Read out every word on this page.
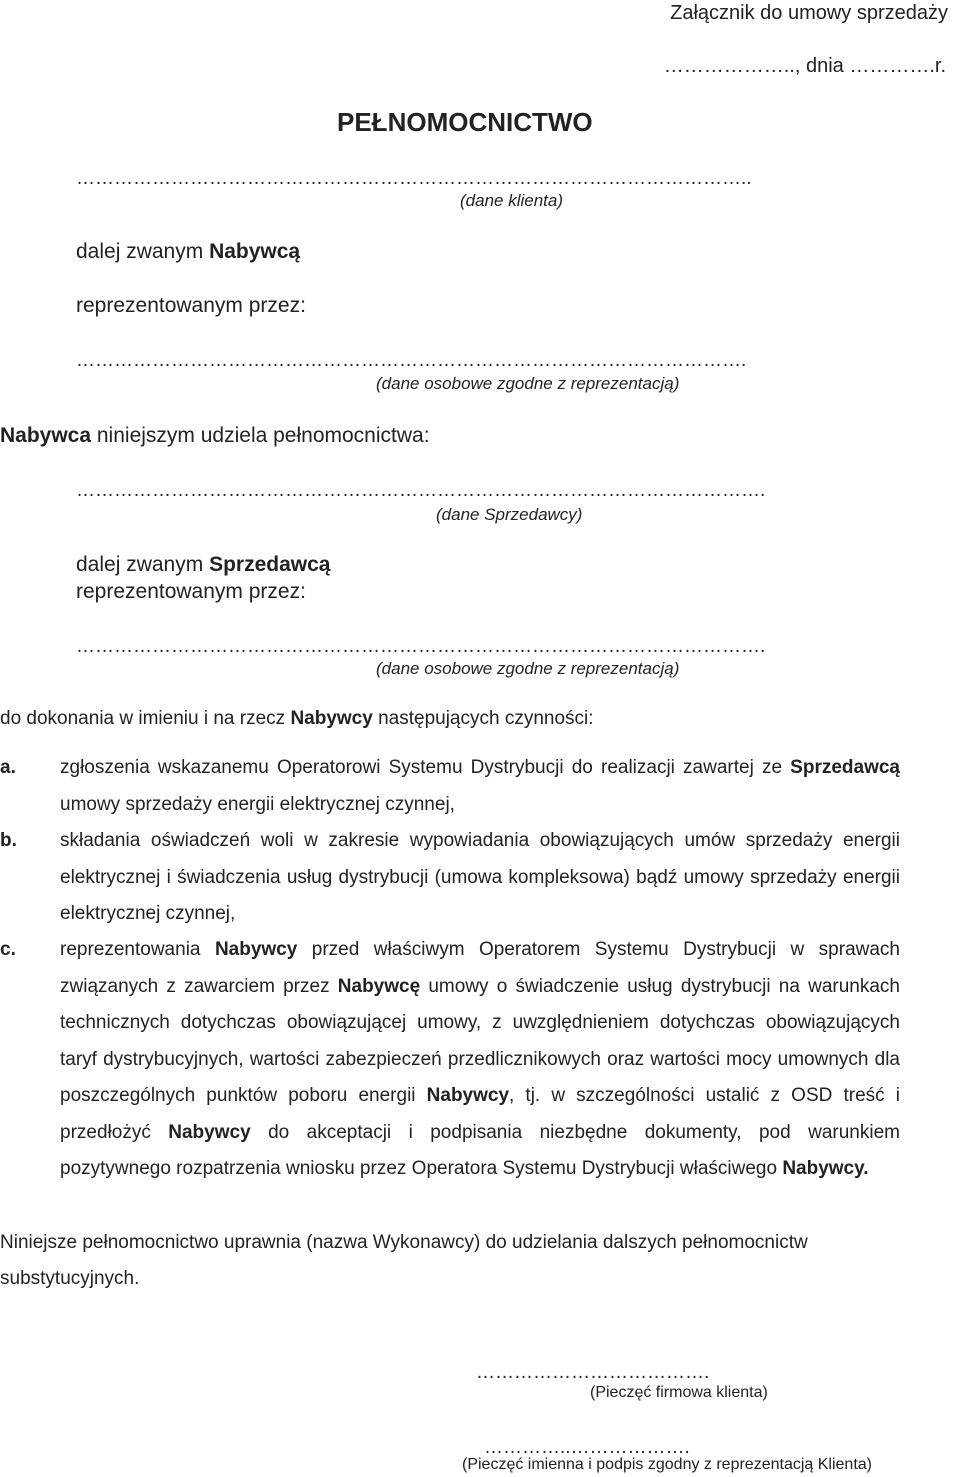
Załącznik do umowy sprzedaży
……………….., dnia ………….r.
PEŁNOMOCNICTWO
……………………………………………………………………………………………..
(dane klienta)
dalej zwanym Nabywcą
reprezentowanym przez:
…………………………………………………………………………………………….
(dane osobowe zgodne z reprezentacją)
Nabywca niniejszym udziela pełnomocnictwa:
……………………………………………………………………………………………….
(dane Sprzedawcy)
dalej zwanym Sprzedawcą
reprezentowanym przez:
……………………………………………………………………………………………….
(dane osobowe zgodne z reprezentacją)
do dokonania w imieniu i na rzecz Nabywcy następujących czynności:
a. zgłoszenia wskazanemu Operatorowi Systemu Dystrybucji do realizacji zawartej ze Sprzedawcą umowy sprzedaży energii elektrycznej czynnej,
b. składania oświadczeń woli w zakresie wypowiadania obowiązujących umów sprzedaży energii elektrycznej i świadczenia usług dystrybucji (umowa kompleksowa) bądź umowy sprzedaży energii elektrycznej czynnej,
c. reprezentowania Nabywcy przed właściwym Operatorem Systemu Dystrybucji w sprawach związanych z zawarciem przez Nabywcę umowy o świadczenie usług dystrybucji na warunkach technicznych dotychczas obowiązującej umowy, z uwzględnieniem dotychczas obowiązujących taryf dystrybucyjnych, wartości zabezpieczeń przedlicznikowych oraz wartości mocy umownych dla poszczególnych punktów poboru energii Nabywcy, tj. w szczególności ustalić z OSD treść i przedłożyć Nabywcy do akceptacji i podpisania niezbędne dokumenty, pod warunkiem pozytywnego rozpatrzenia wniosku przez Operatora Systemu Dystrybucji właściwego Nabywcy.
Niniejsze pełnomocnictwo uprawnia (nazwa Wykonawcy) do udzielania dalszych pełnomocnictw substytucyjnych.
……………………………….
(Pieczęć firmowa klienta)
…………..……………….
(Pieczęć imienna i podpis zgodny z reprezentacją Klienta)
